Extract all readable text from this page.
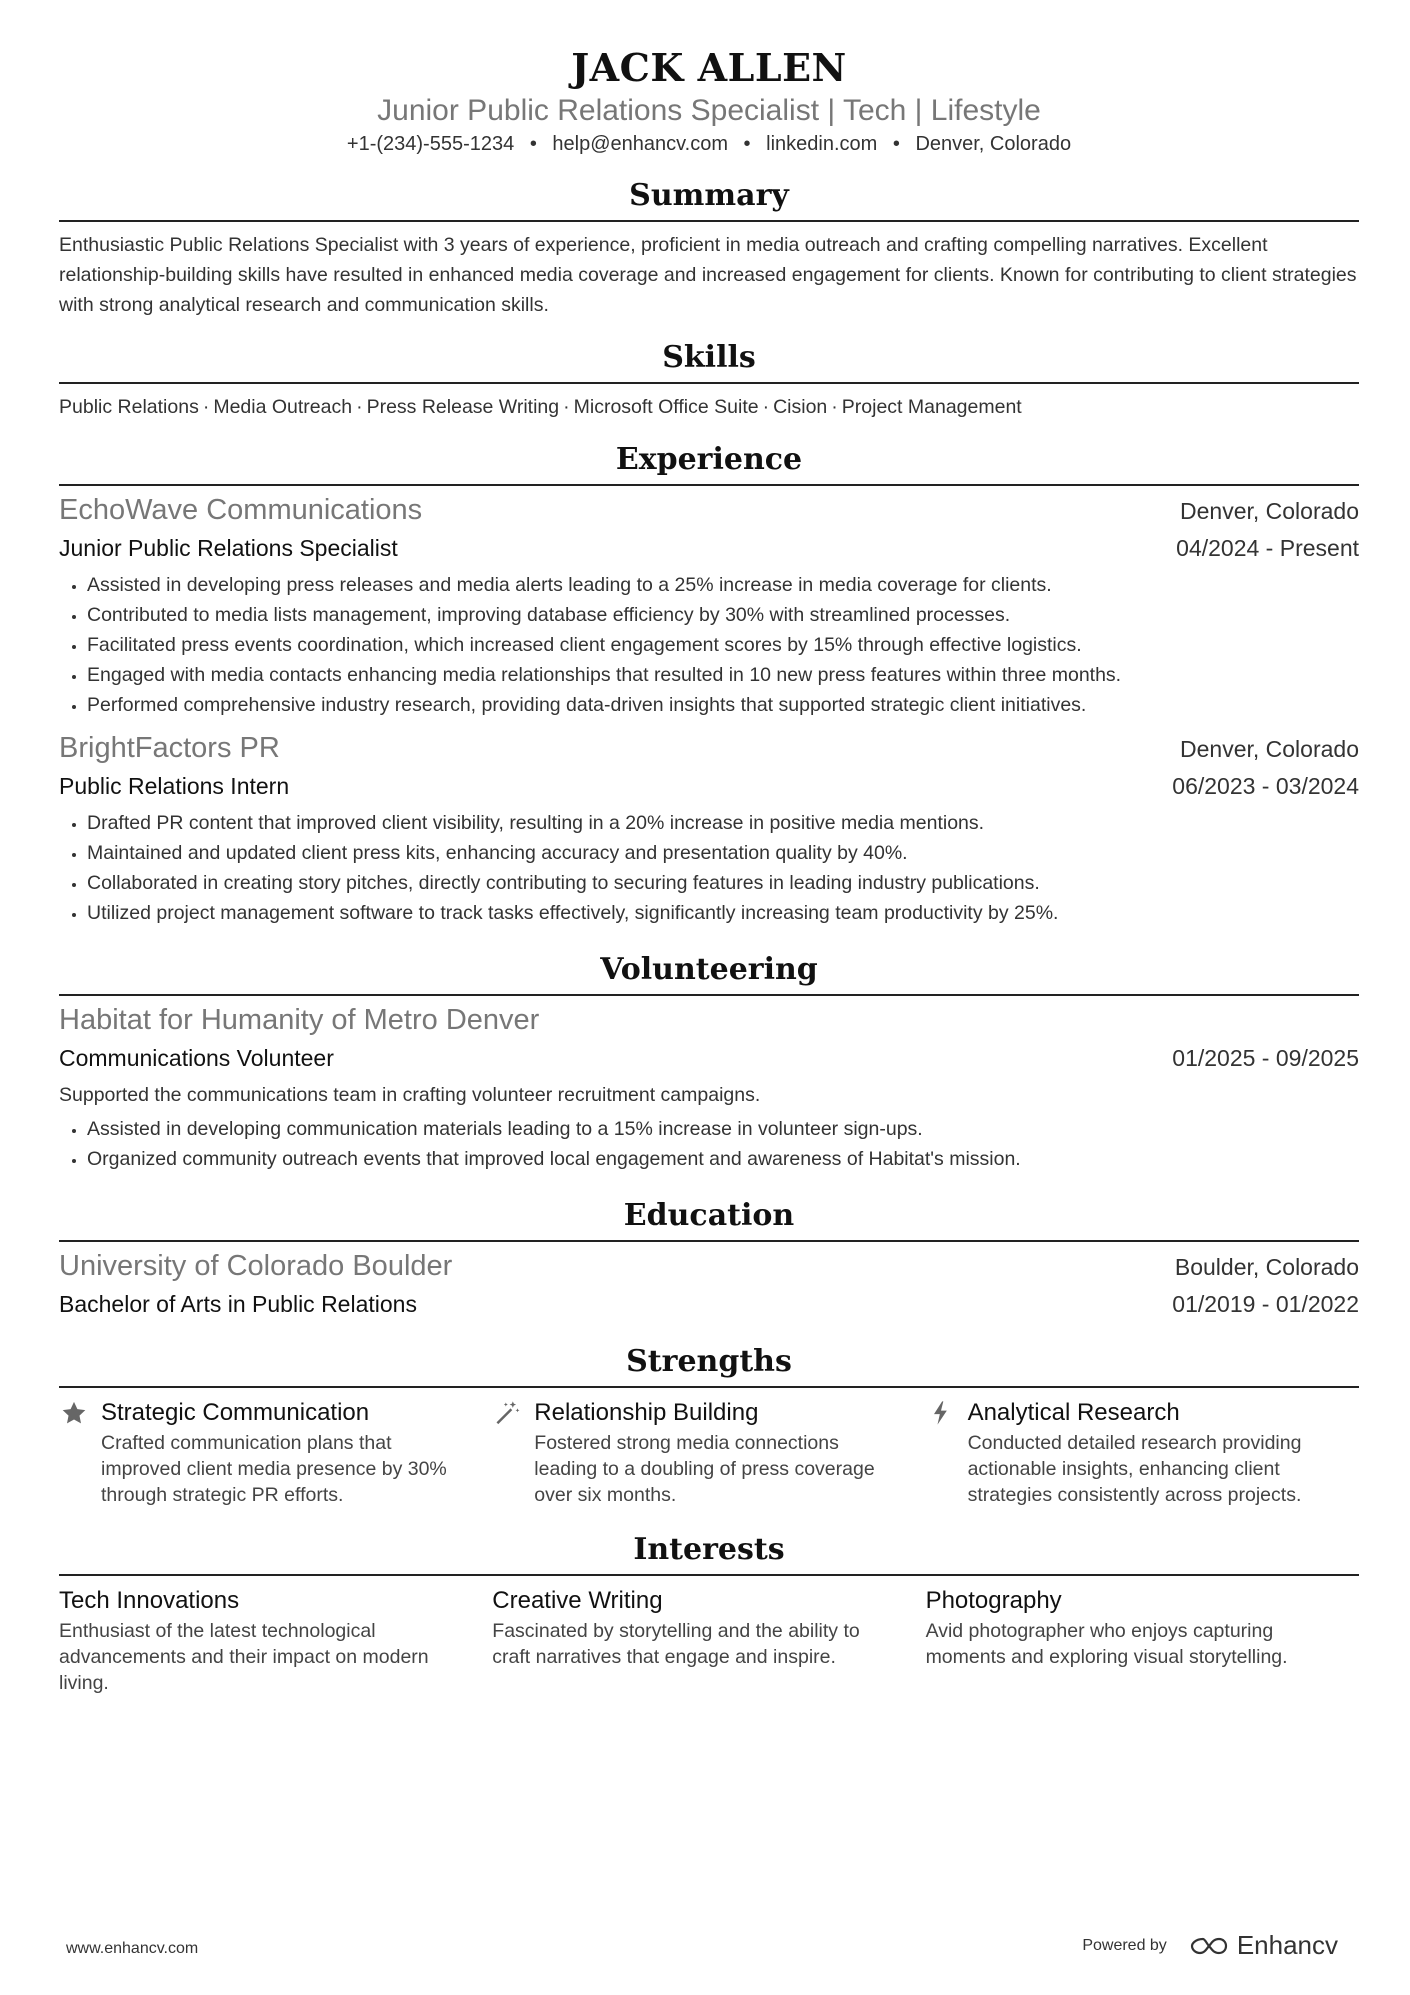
JACK ALLEN
Junior Public Relations Specialist | Tech | Lifestyle
+1-(234)-555-1234 • help@enhancv.com • linkedin.com • Denver, Colorado
Summary
Enthusiastic Public Relations Specialist with 3 years of experience, proficient in media outreach and crafting compelling narratives. Excellent relationship-building skills have resulted in enhanced media coverage and increased engagement for clients. Known for contributing to client strategies with strong analytical research and communication skills.
Skills
Public Relations · Media Outreach · Press Release Writing · Microsoft Office Suite · Cision · Project Management
Experience
EchoWave Communications	Denver, Colorado
Junior Public Relations Specialist	04/2024 - Present
• Assisted in developing press releases and media alerts leading to a 25% increase in media coverage for clients.
• Contributed to media lists management, improving database efficiency by 30% with streamlined processes.
• Facilitated press events coordination, which increased client engagement scores by 15% through effective logistics.
• Engaged with media contacts enhancing media relationships that resulted in 10 new press features within three months.
• Performed comprehensive industry research, providing data-driven insights that supported strategic client initiatives.
BrightFactors PR	Denver, Colorado
Public Relations Intern	06/2023 - 03/2024
• Drafted PR content that improved client visibility, resulting in a 20% increase in positive media mentions.
• Maintained and updated client press kits, enhancing accuracy and presentation quality by 40%.
• Collaborated in creating story pitches, directly contributing to securing features in leading industry publications.
• Utilized project management software to track tasks effectively, significantly increasing team productivity by 25%.
Volunteering
Habitat for Humanity of Metro Denver
Communications Volunteer	01/2025 - 09/2025
Supported the communications team in crafting volunteer recruitment campaigns.
• Assisted in developing communication materials leading to a 15% increase in volunteer sign-ups.
• Organized community outreach events that improved local engagement and awareness of Habitat's mission.
Education
University of Colorado Boulder	Boulder, Colorado
Bachelor of Arts in Public Relations	01/2019 - 01/2022
Strengths
Strategic Communication
Crafted communication plans that improved client media presence by 30% through strategic PR efforts.
Relationship Building
Fostered strong media connections leading to a doubling of press coverage over six months.
Analytical Research
Conducted detailed research providing actionable insights, enhancing client strategies consistently across projects.
Interests
Tech Innovations
Enthusiast of the latest technological advancements and their impact on modern living.
Creative Writing
Fascinated by storytelling and the ability to craft narratives that engage and inspire.
Photography
Avid photographer who enjoys capturing moments and exploring visual storytelling.
www.enhancv.com	Powered by	Enhancv
